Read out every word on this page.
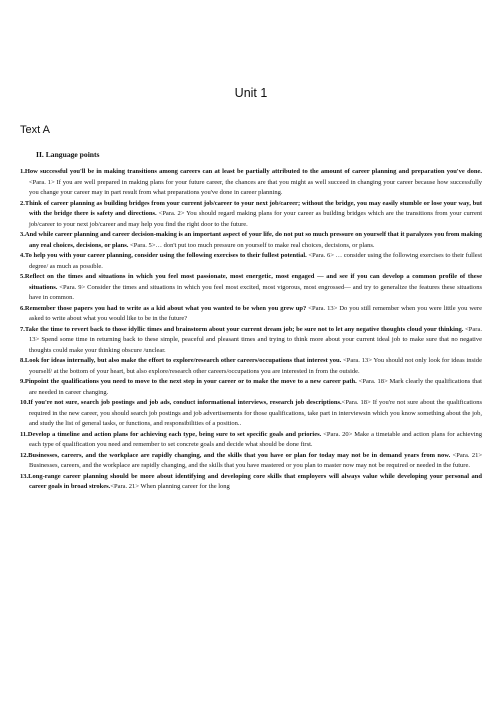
Unit 1
Text A
II. Language points

1.How successful you'll be in making transitions among careers can at least be partially attributed to the amount of career planning and preparation you've done. <Para. 1> If you are well prepared in making plans for your future career, the chances are that you might as well succeed in changing your career because how successfully you change your career may in part result from what preparations you've done in career planning.

2.Think of career planning as building bridges from your current job/career to your next job/career; without the bridge, you may easily stumble or lose your way, but with the bridge there is safety and directions. <Para. 2> You should regard making plans for your career as building bridges which are the transitions from your current job/career to your next job/career and may help you find the right door to the future.

3.And while career planning and career decision-making is an important aspect of your life, do not put so much pressure on yourself that it paralyzes you from making any real choices, decisions, or plans. <Para. 5>… don't put too much pressure on yourself to make real choices, decisions, or plans.

4.To help you with your career planning, consider using the following exercises to their fullest potential. <Para. 6> … consider using the following exercises to their fullest degree/ as much as possible.

5.Reflect on the times and situations in which you feel most passionate, most energetic, most engaged — and see if you can develop a common profile of these situations. <Para. 9> Consider the times and situations in which you feel most excited, most vigorous, most engrossed— and try to generalize the features these situations have in common.

6.Remember those papers you had to write as a kid about what you wanted to be when you grew up? <Para. 13> Do you still remember when you were little you were asked to write about what you would like to be in the future?

7.Take the time to revert back to those idyllic times and brainstorm about your current dream job; be sure not to let any negative thoughts cloud your thinking. <Para. 13> Spend some time in returning back to these simple, peaceful and pleasant times and trying to think more about your current ideal job to make sure that no negative thoughts could make your thinking obscure /unclear.

8.Look for ideas internally, but also make the effort to explore/research other careers/occupations that interest you. <Para. 13> You should not only look for ideas inside yourself/ at the bottom of your heart, but also explore/research other careers/occupations you are interested in from the outside.

9.Pinpoint the qualifications you need to move to the next step in your career or to make the move to a new career path. <Para. 18> Mark clearly the qualifications that are needed in career changing.

10.If you're not sure, search job postings and job ads, conduct informational interviews, research job descriptions.<Para. 18> If you're not sure about the qualifications required in the new career, you should search job postings and job advertisements for those qualifications, take part in interviewsin which you know something about the job, and study the list of general tasks, or functions, and responsibilities of a position..

11.Develop a timeline and action plans for achieving each type, being sure to set specific goals and priories. <Para. 20> Make a timetable and action plans for achieving each type of qualification you need and remember to set concrete goals and decide what should be done first.

12.Businesses, careers, and the workplace are rapidly changing, and the skills that you have or plan for today may not be in demand years from now. <Para. 21> Businesses, careers, and the workplace are rapidly changing, and the skills that you have mastered or you plan to master now may not be required or needed in the future.

13.Long-range career planning should be more about identifying and developing core skills that employers will always value while developing your personal and career goals in broad strokes.<Para. 21> When planning career for the long
